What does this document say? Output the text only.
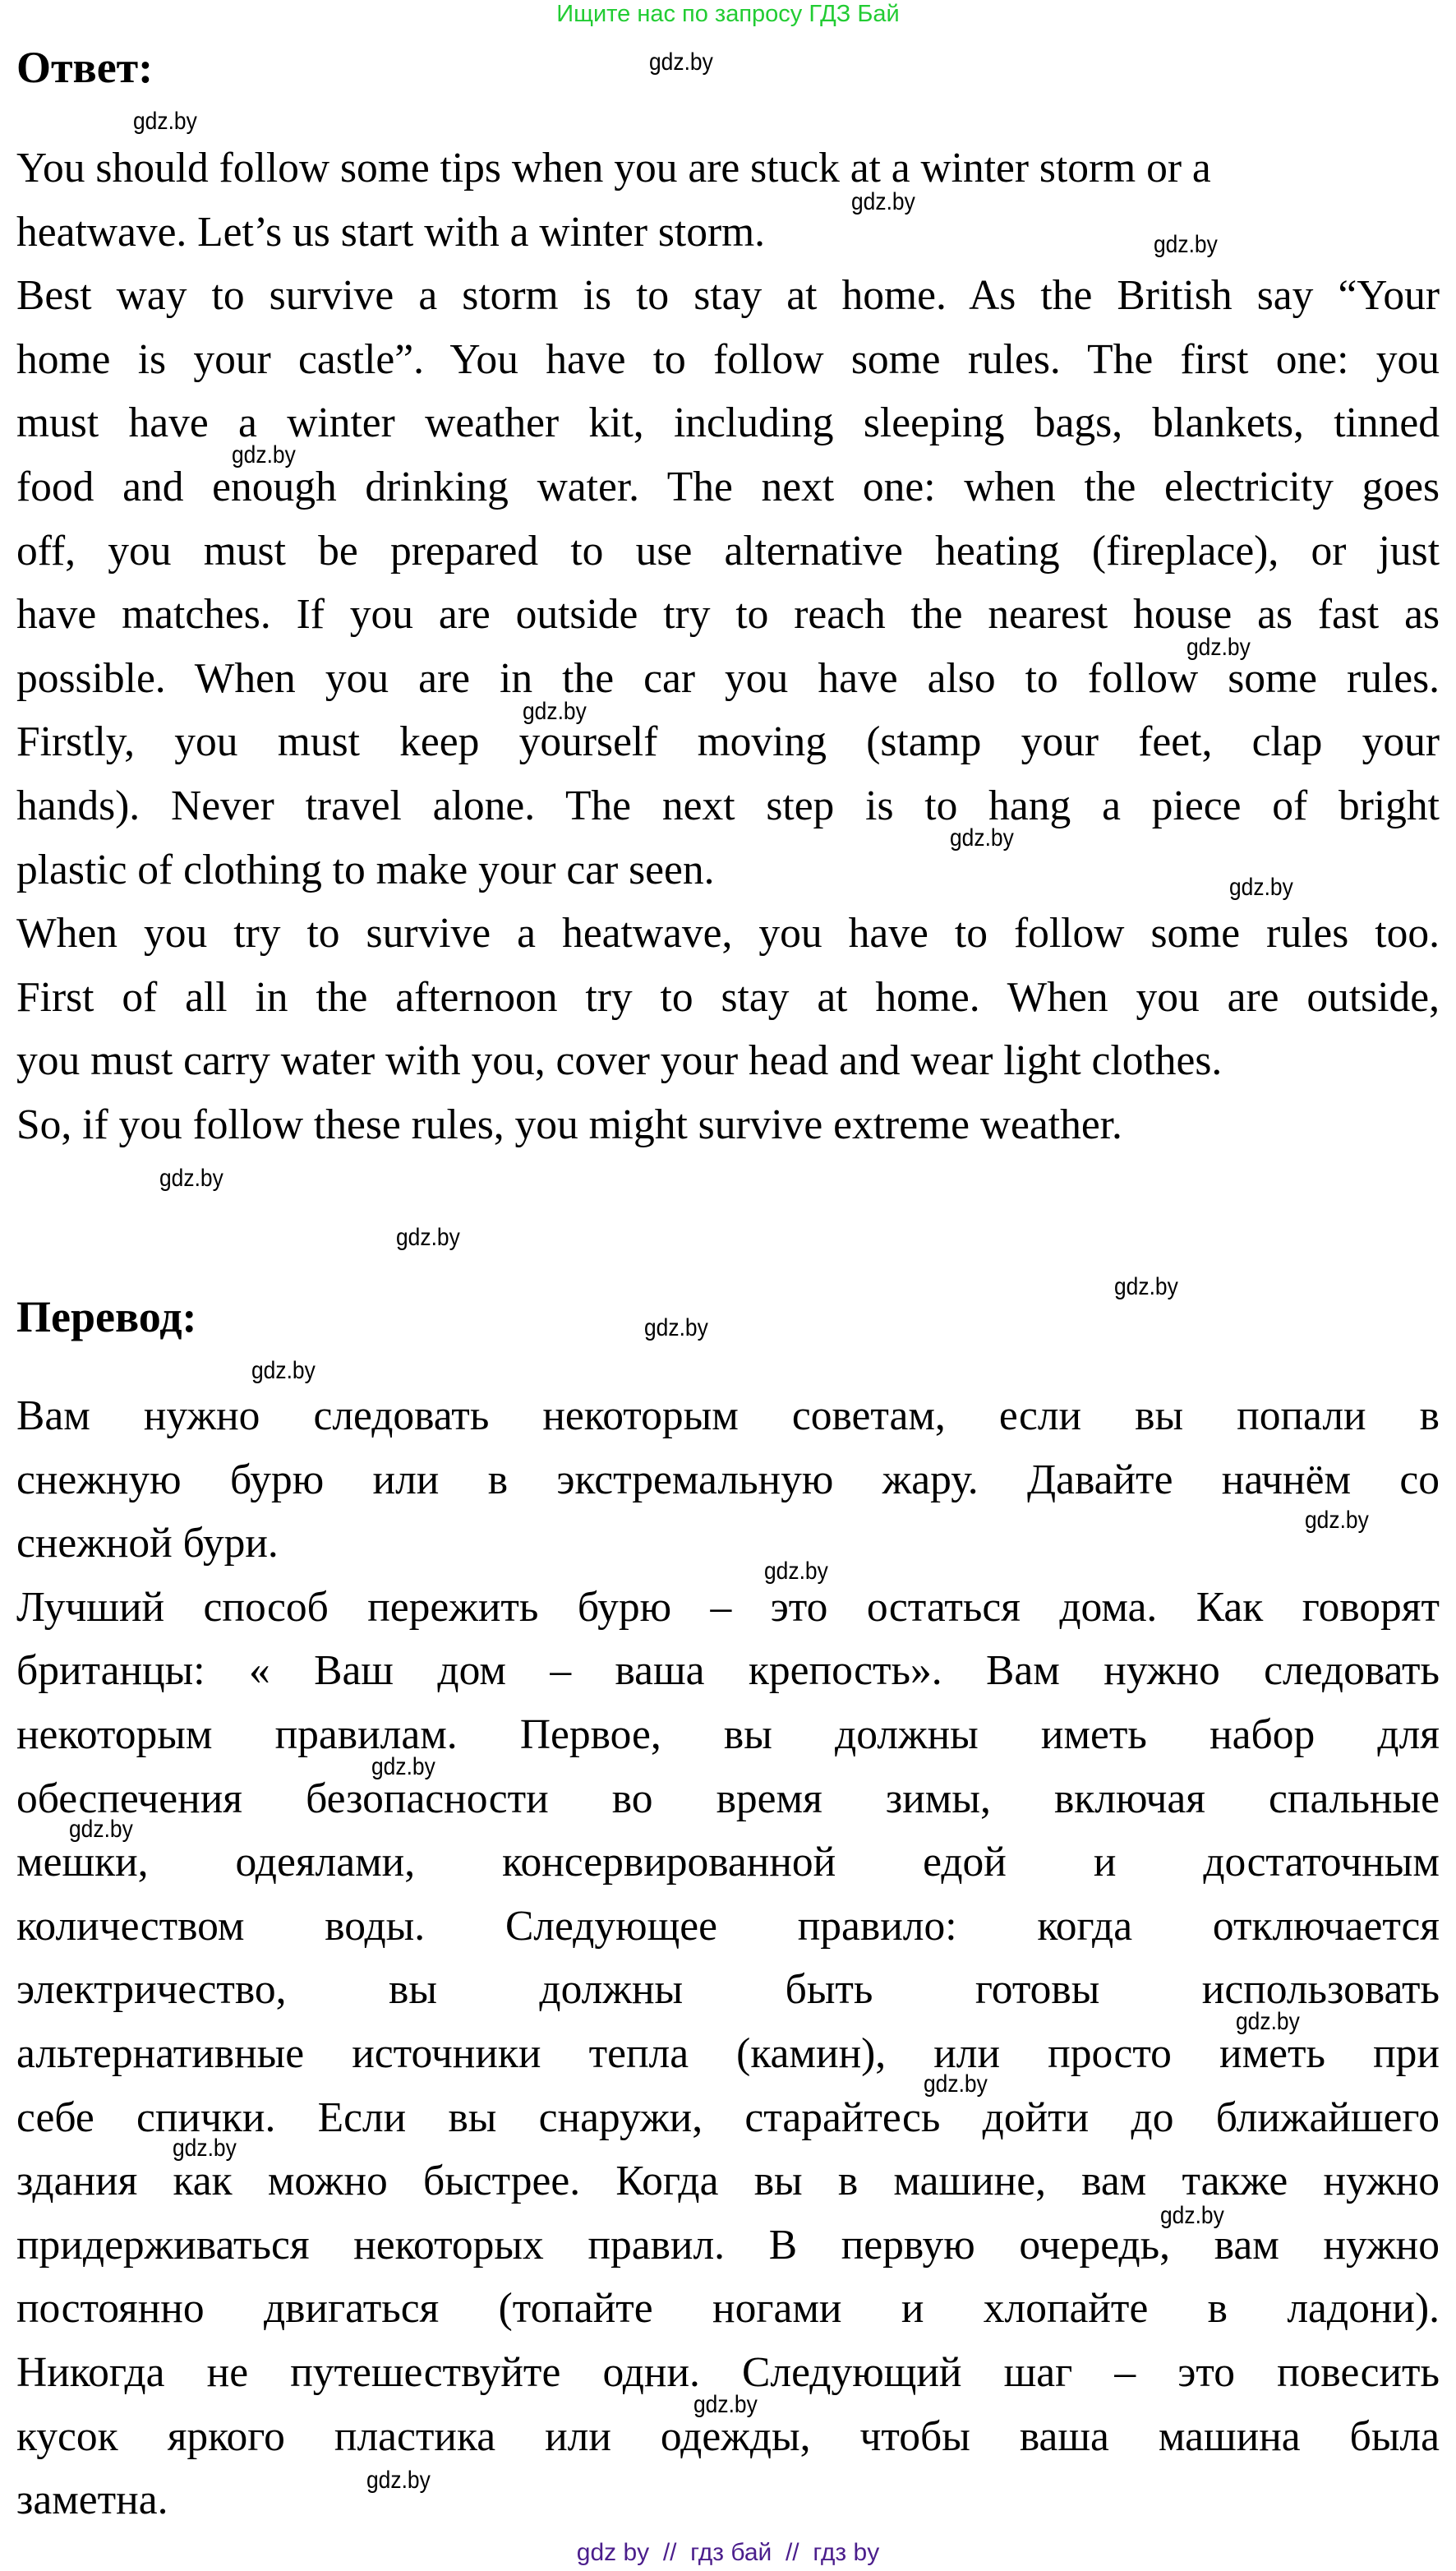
Ищите нас по запросу ГДЗ Бай
Ответ:
You should follow some tips when you are stuck at a winter storm or a
heatwave. Let’s us start with a winter storm.
Best way to survive a storm is to stay at home. As the British say “Your
home is your castle”. You have to follow some rules. The first one: you
must have a winter weather kit, including sleeping bags, blankets, tinned
food and enough drinking water. The next one: when the electricity goes
off, you must be prepared to use alternative heating (fireplace), or just
have matches. If you are outside try to reach the nearest house as fast as
possible. When you are in the car you have also to follow some rules.
Firstly, you must keep yourself moving (stamp your feet, clap your
hands). Never travel alone. The next step is to hang a piece of bright
plastic of clothing to make your car seen.
When you try to survive a heatwave, you have to follow some rules too.
First of all in the afternoon try to stay at home. When you are outside,
you must carry water with you, cover your head and wear light clothes.
So, if you follow these rules, you might survive extreme weather.
Перевод:
Вам нужно следовать некоторым советам, если вы попали в
снежную бурю или в экстремальную жару. Давайте начнём со
снежной бури.
Лучший способ пережить бурю – это остаться дома. Как говорят
британцы: « Ваш дом – ваша крепость». Вам нужно следовать
некоторым правилам. Первое, вы должны иметь набор для
обеспечения безопасности во время зимы, включая спальные
мешки, одеялами, консервированной едой и достаточным
количеством воды. Следующее правило: когда отключается
электричество, вы должны быть готовы использовать
альтернативные источники тепла (камин), или просто иметь при
себе спички. Если вы снаружи, старайтесь дойти до ближайшего
здания как можно быстрее. Когда вы в машине, вам также нужно
придерживаться некоторых правил. В первую очередь, вам нужно
постоянно двигаться (топайте ногами и хлопайте в ладони).
Никогда не путешествуйте одни. Следующий шаг – это повесить
кусок яркого пластика или одежды, чтобы ваша машина была
заметна.
gdz.by
gdz.by
gdz.by
gdz.by
gdz.by
gdz.by
gdz.by
gdz.by
gdz.by
gdz.by
gdz.by
gdz.by
gdz.by
gdz.by
gdz.by
gdz.by
gdz.by
gdz.by
gdz.by
gdz.by
gdz.by
gdz.by
gdz.by
gdz.by
gdz by  //  гдз бай  //  гдз by
